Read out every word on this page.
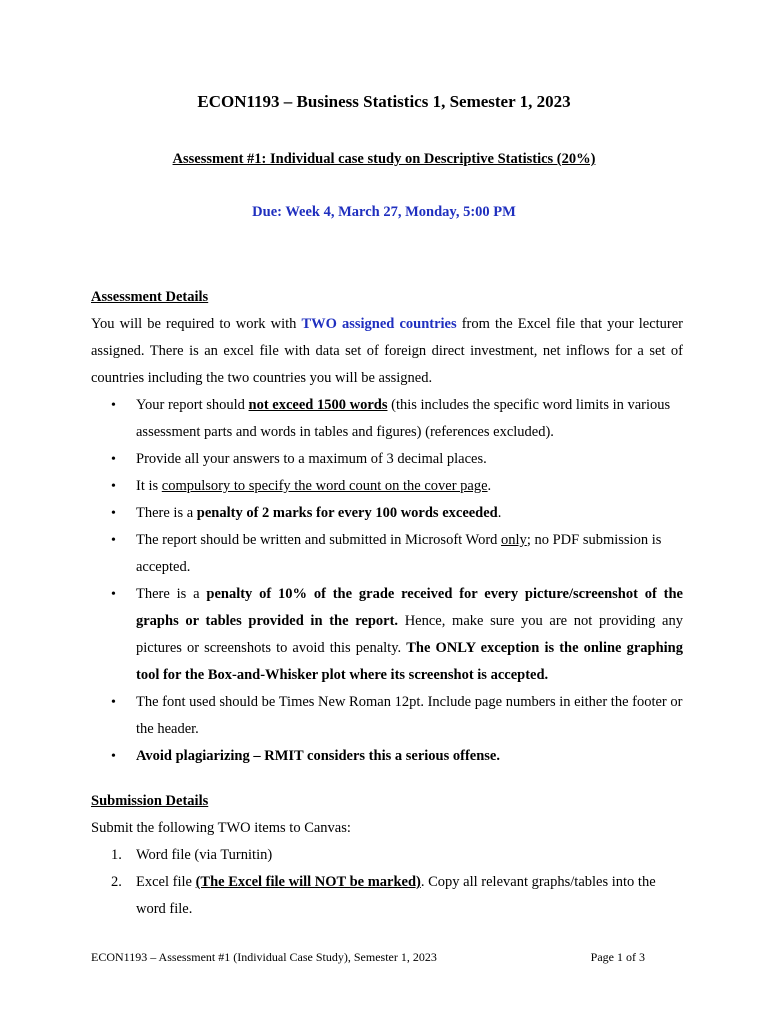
ECON1193 – Business Statistics 1, Semester 1, 2023
Assessment #1: Individual case study on Descriptive Statistics (20%)
Due: Week 4, March 27, Monday, 5:00 PM
Assessment Details

You will be required to work with TWO assigned countries from the Excel file that your lecturer assigned. There is an excel file with data set of foreign direct investment, net inflows for a set of countries including the two countries you will be assigned.

• Your report should not exceed 1500 words (this includes the specific word limits in various assessment parts and words in tables and figures) (references excluded).
• Provide all your answers to a maximum of 3 decimal places.
• It is compulsory to specify the word count on the cover page.
• There is a penalty of 2 marks for every 100 words exceeded.
• The report should be written and submitted in Microsoft Word only; no PDF submission is accepted.
• There is a penalty of 10% of the grade received for every picture/screenshot of the graphs or tables provided in the report. Hence, make sure you are not providing any pictures or screenshots to avoid this penalty. The ONLY exception is the online graphing tool for the Box-and-Whisker plot where its screenshot is accepted.
• The font used should be Times New Roman 12pt. Include page numbers in either the footer or the header.
• Avoid plagiarizing – RMIT considers this a serious offense.
Submission Details

Submit the following TWO items to Canvas:

1. Word file (via Turnitin)
2. Excel file (The Excel file will NOT be marked). Copy all relevant graphs/tables into the word file.
ECON1193 – Assessment #1 (Individual Case Study), Semester 1, 2023	Page 1 of 3
